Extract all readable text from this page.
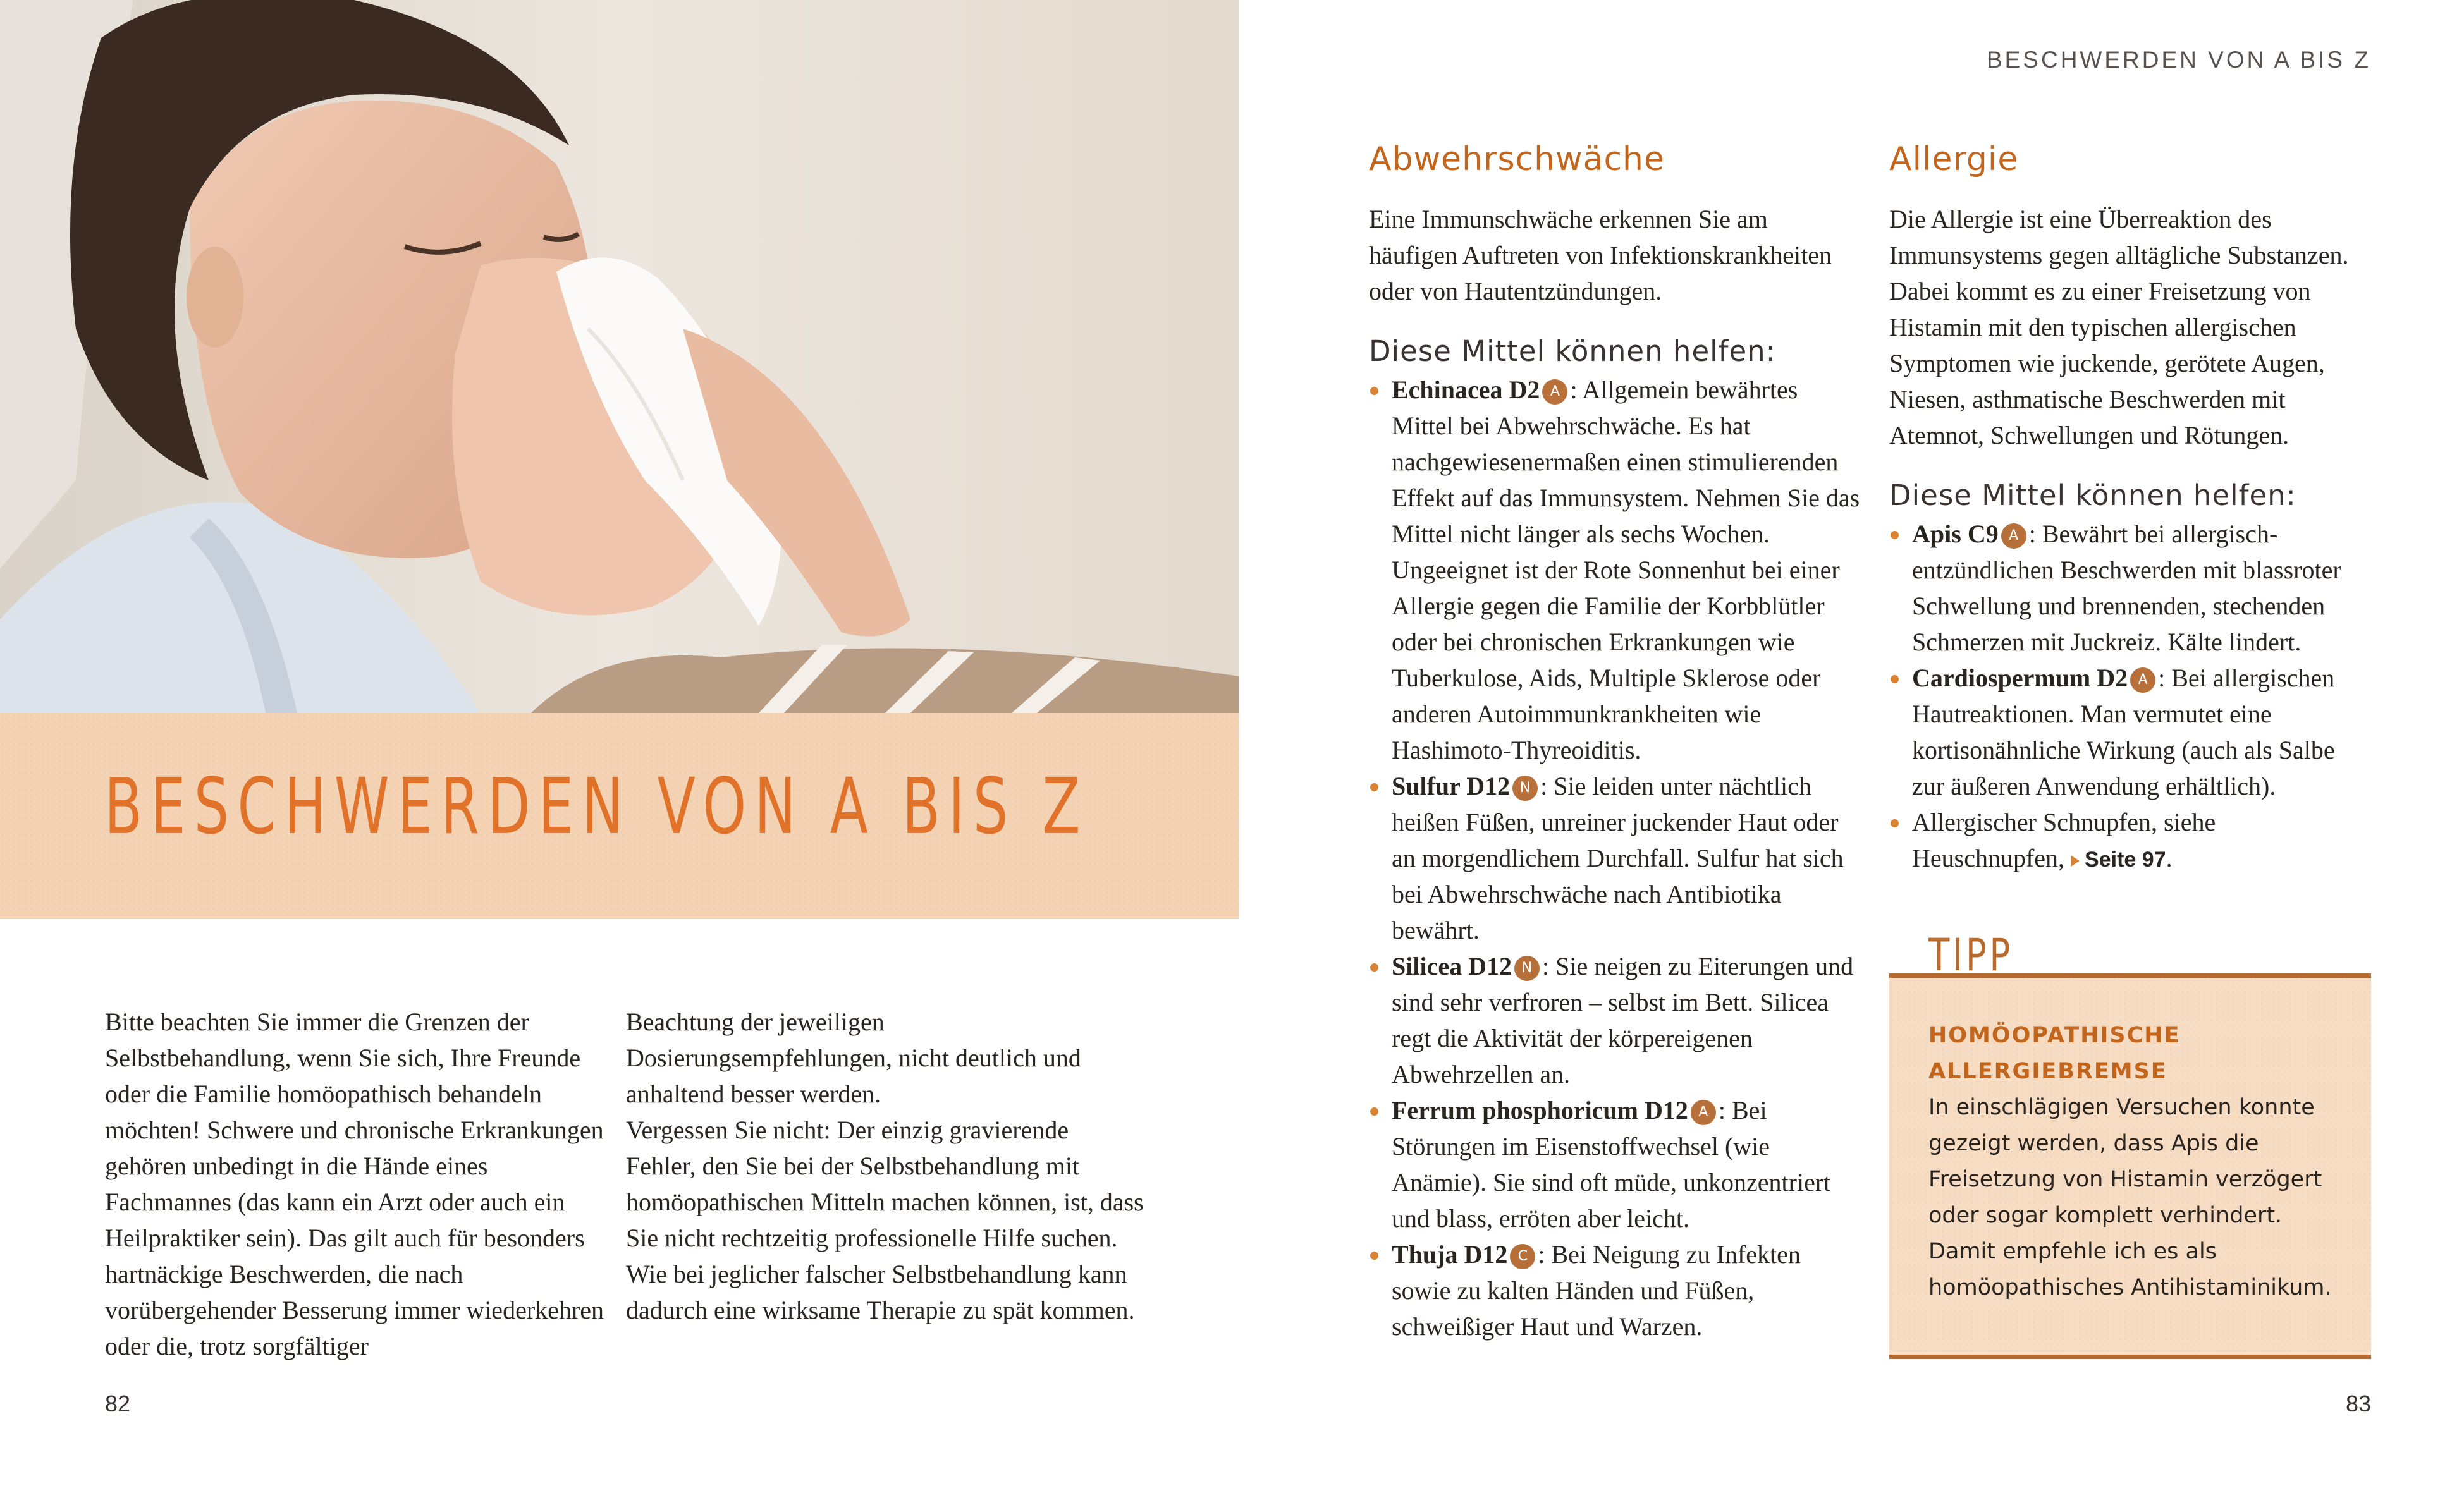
BESCHWERDEN VON A BIS Z

Bitte beachten Sie immer die Grenzen der Selbstbehandlung, wenn Sie sich, Ihre Freunde oder die Familie homöopathisch behandeln möchten! Schwere und chronische Erkrankungen gehören unbedingt in die Hände eines Fachmannes (das kann ein Arzt oder auch ein Heilpraktiker sein). Das gilt auch für besonders hartnäckige Beschwerden, die nach vorübergehender Besserung immer wiederkehren oder die, trotz sorgfältiger

Beachtung der jeweiligen Dosierungsempfehlungen, nicht deutlich und anhaltend besser werden.

Vergessen Sie nicht: Der einzig gravierende Fehler, den Sie bei der Selbstbehandlung mit homöopathischen Mitteln machen können, ist, dass Sie nicht rechtzeitig professionelle Hilfe suchen. Wie bei jeglicher falscher Selbstbehandlung kann dadurch eine wirksame Therapie zu spät kommen.

82
BESCHWERDEN VON A BIS Z
Abwehrschwäche

Eine Immunschwäche erkennen Sie am häufigen Auftreten von Infektionskrankheiten oder von Hautentzündungen.

Diese Mittel können helfen:
Echinacea D2 A : Allgemein bewährtes Mittel bei Abwehrschwäche. Es hat nachgewiesenermaßen einen stimulierenden Effekt auf das Immunsystem. Nehmen Sie das Mittel nicht länger als sechs Wochen. Ungeeignet ist der Rote Sonnenhut bei einer Allergie gegen die Familie der Korbblütler oder bei chronischen Erkrankungen wie Tuberkulose, Aids, Multiple Sklerose oder anderen Autoimmunkrankheiten wie Hashimoto-Thyreoiditis.
Sulfur D12 N : Sie leiden unter nächtlich heißen Füßen, unreiner juckender Haut oder an morgendlichem Durchfall. Sulfur hat sich bei Abwehrschwäche nach Antibiotika bewährt.
Silicea D12 N : Sie neigen zu Eiterungen und sind sehr verfroren – selbst im Bett. Silicea regt die Aktivität der körpereigenen Abwehrzellen an.
Ferrum phosphoricum D12 A : Bei Störungen im Eisenstoffwechsel (wie Anämie). Sie sind oft müde, unkonzentriert und blass, erröten aber leicht.
Thuja D12 C : Bei Neigung zu Infekten sowie zu kalten Händen und Füßen, schweißiger Haut und Warzen.
Allergie

Die Allergie ist eine Überreaktion des Immunsystems gegen alltägliche Substanzen. Dabei kommt es zu einer Freisetzung von Histamin mit den typischen allergischen Symptomen wie juckende, gerötete Augen, Niesen, asthmatische Beschwerden mit Atemnot, Schwellungen und Rötungen.

Diese Mittel können helfen:
Apis C9 A : Bewährt bei allergisch-entzündlichen Beschwerden mit blassroter Schwellung und brennenden, stechenden Schmerzen mit Juckreiz. Kälte lindert.
Cardiospermum D2 A : Bei allergischen Hautreaktionen. Man vermutet eine kortisonähnliche Wirkung (auch als Salbe zur äußeren Anwendung erhältlich).
Allergischer Schnupfen, siehe Heuschnupfen, Seite 97.
TIPP
HOMÖOPATHISCHE ALLERGIEBREMSE

In einschlägigen Versuchen konnte gezeigt werden, dass Apis die Freisetzung von Histamin verzögert oder sogar komplett verhindert. Damit empfehle ich es als homöopathisches Antihistaminikum.

83
